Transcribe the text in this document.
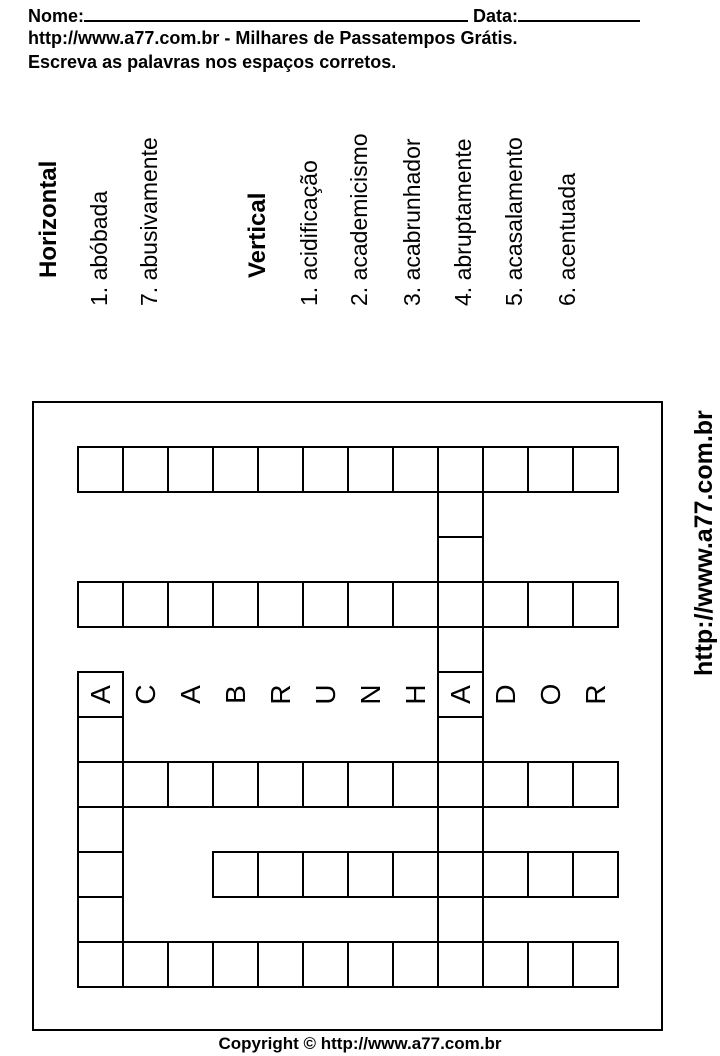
Nome:	Data:
http://www.a77.com.br - Milhares de Passatempos Grátis.
Escreva as palavras nos espaços corretos.
Horizontal 1. abóbada 7. abusivamente	Vertical 1. acidificação 2. academicismo 3. acabrunhador 4. abruptamente 5. acasalamento 6. acentuada
http://www.a77.com.br
A C A B R U N H A D O R
Copyright © http://www.a77.com.br
